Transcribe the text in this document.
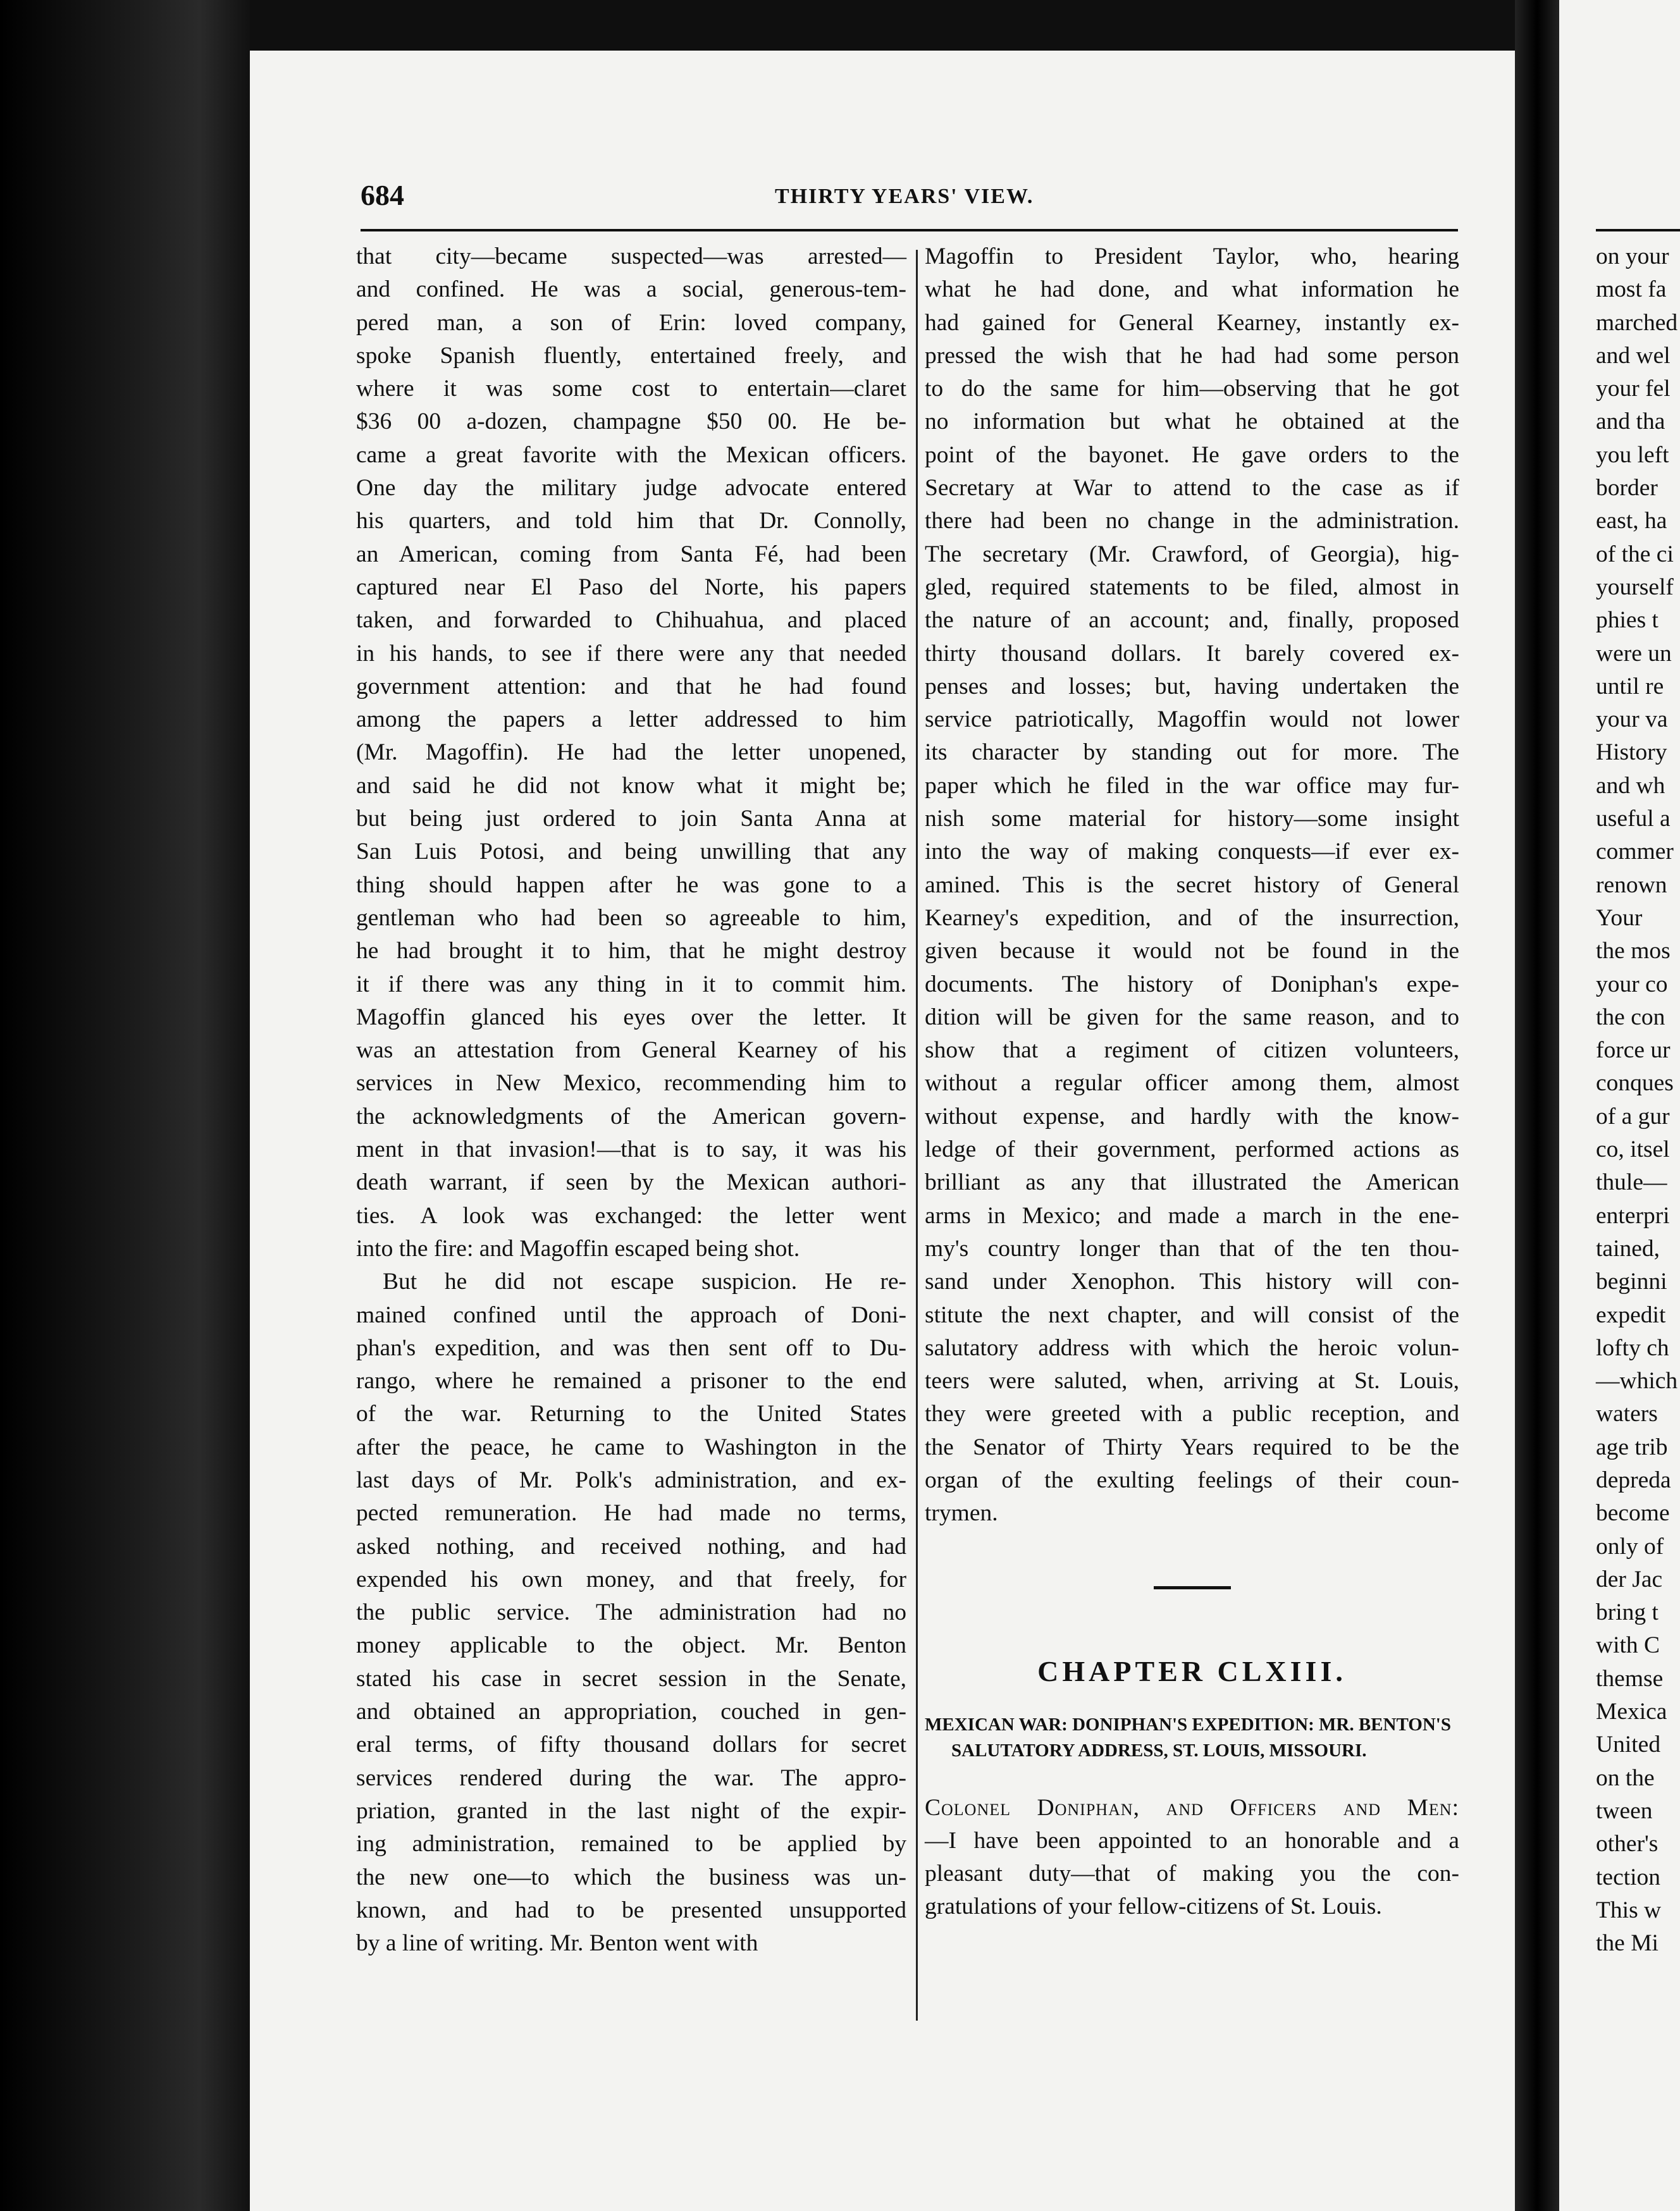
on your
most fa
marched
and wel
your fel
and tha
you left
border
east, ha
of the ci
yourself
phies t
were un
until re
your va
History
and wh
useful a
commer
renown
Your
the mos
your co
the con
force ur
conques
of a gur
co, itsel
thule—
enterpri
tained,
beginni
expedit
lofty ch
—which
waters
age trib
depreda
become
only of
der Jac
bring t
with C
themse
Mexica
United
on the
tween
other's
tection
This w
the Mi
684	THIRTY YEARS' VIEW.

that city—became suspected—was arrested—

and confined. He was a social, generous-tem-

pered man, a son of Erin: loved company,

spoke Spanish fluently, entertained freely, and

where it was some cost to entertain—claret

$36 00 a-dozen, champagne $50 00. He be-

came a great favorite with the Mexican officers.

One day the military judge advocate entered

his quarters, and told him that Dr. Connolly,

an American, coming from Santa Fé, had been

captured near El Paso del Norte, his papers

taken, and forwarded to Chihuahua, and placed

in his hands, to see if there were any that needed

government attention: and that he had found

among the papers a letter addressed to him

(Mr. Magoffin). He had the letter unopened,

and said he did not know what it might be;

but being just ordered to join Santa Anna at

San Luis Potosi, and being unwilling that any

thing should happen after he was gone to a

gentleman who had been so agreeable to him,

he had brought it to him, that he might destroy

it if there was any thing in it to commit him.

Magoffin glanced his eyes over the letter. It

was an attestation from General Kearney of his

services in New Mexico, recommending him to

the acknowledgments of the American govern-

ment in that invasion!—that is to say, it was his

death warrant, if seen by the Mexican authori-

ties. A look was exchanged: the letter went

into the fire: and Magoffin escaped being shot.

But he did not escape suspicion. He re-

mained confined until the approach of Doni-

phan's expedition, and was then sent off to Du-

rango, where he remained a prisoner to the end

of the war. Returning to the United States

after the peace, he came to Washington in the

last days of Mr. Polk's administration, and ex-

pected remuneration. He had made no terms,

asked nothing, and received nothing, and had

expended his own money, and that freely, for

the public service. The administration had no

money applicable to the object. Mr. Benton

stated his case in secret session in the Senate,

and obtained an appropriation, couched in gen-

eral terms, of fifty thousand dollars for secret

services rendered during the war. The appro-

priation, granted in the last night of the expir-

ing administration, remained to be applied by

the new one—to which the business was un-

known, and had to be presented unsupported

by a line of writing. Mr. Benton went with

Magoffin to President Taylor, who, hearing

what he had done, and what information he

had gained for General Kearney, instantly ex-

pressed the wish that he had had some person

to do the same for him—observing that he got

no information but what he obtained at the

point of the bayonet. He gave orders to the

Secretary at War to attend to the case as if

there had been no change in the administration.

The secretary (Mr. Crawford, of Georgia), hig-

gled, required statements to be filed, almost in

the nature of an account; and, finally, proposed

thirty thousand dollars. It barely covered ex-

penses and losses; but, having undertaken the

service patriotically, Magoffin would not lower

its character by standing out for more. The

paper which he filed in the war office may fur-

nish some material for history—some insight

into the way of making conquests—if ever ex-

amined. This is the secret history of General

Kearney's expedition, and of the insurrection,

given because it would not be found in the

documents. The history of Doniphan's expe-

dition will be given for the same reason, and to

show that a regiment of citizen volunteers,

without a regular officer among them, almost

without expense, and hardly with the know-

ledge of their government, performed actions as

brilliant as any that illustrated the American

arms in Mexico; and made a march in the ene-

my's country longer than that of the ten thou-

sand under Xenophon. This history will con-

stitute the next chapter, and will consist of the

salutatory address with which the heroic volun-

teers were saluted, when, arriving at St. Louis,

they were greeted with a public reception, and

the Senator of Thirty Years required to be the

organ of the exulting feelings of their coun-

trymen.

CHAPTER CLXIII.
MEXICAN WAR: DONIPHAN'S EXPEDITION: MR. BENTON'S SALUTATORY ADDRESS, ST. LOUIS, MISSOURI.

Colonel Doniphan, and Officers and Men:

—I have been appointed to an honorable and a

pleasant duty—that of making you the con-

gratulations of your fellow-citizens of St. Louis.
